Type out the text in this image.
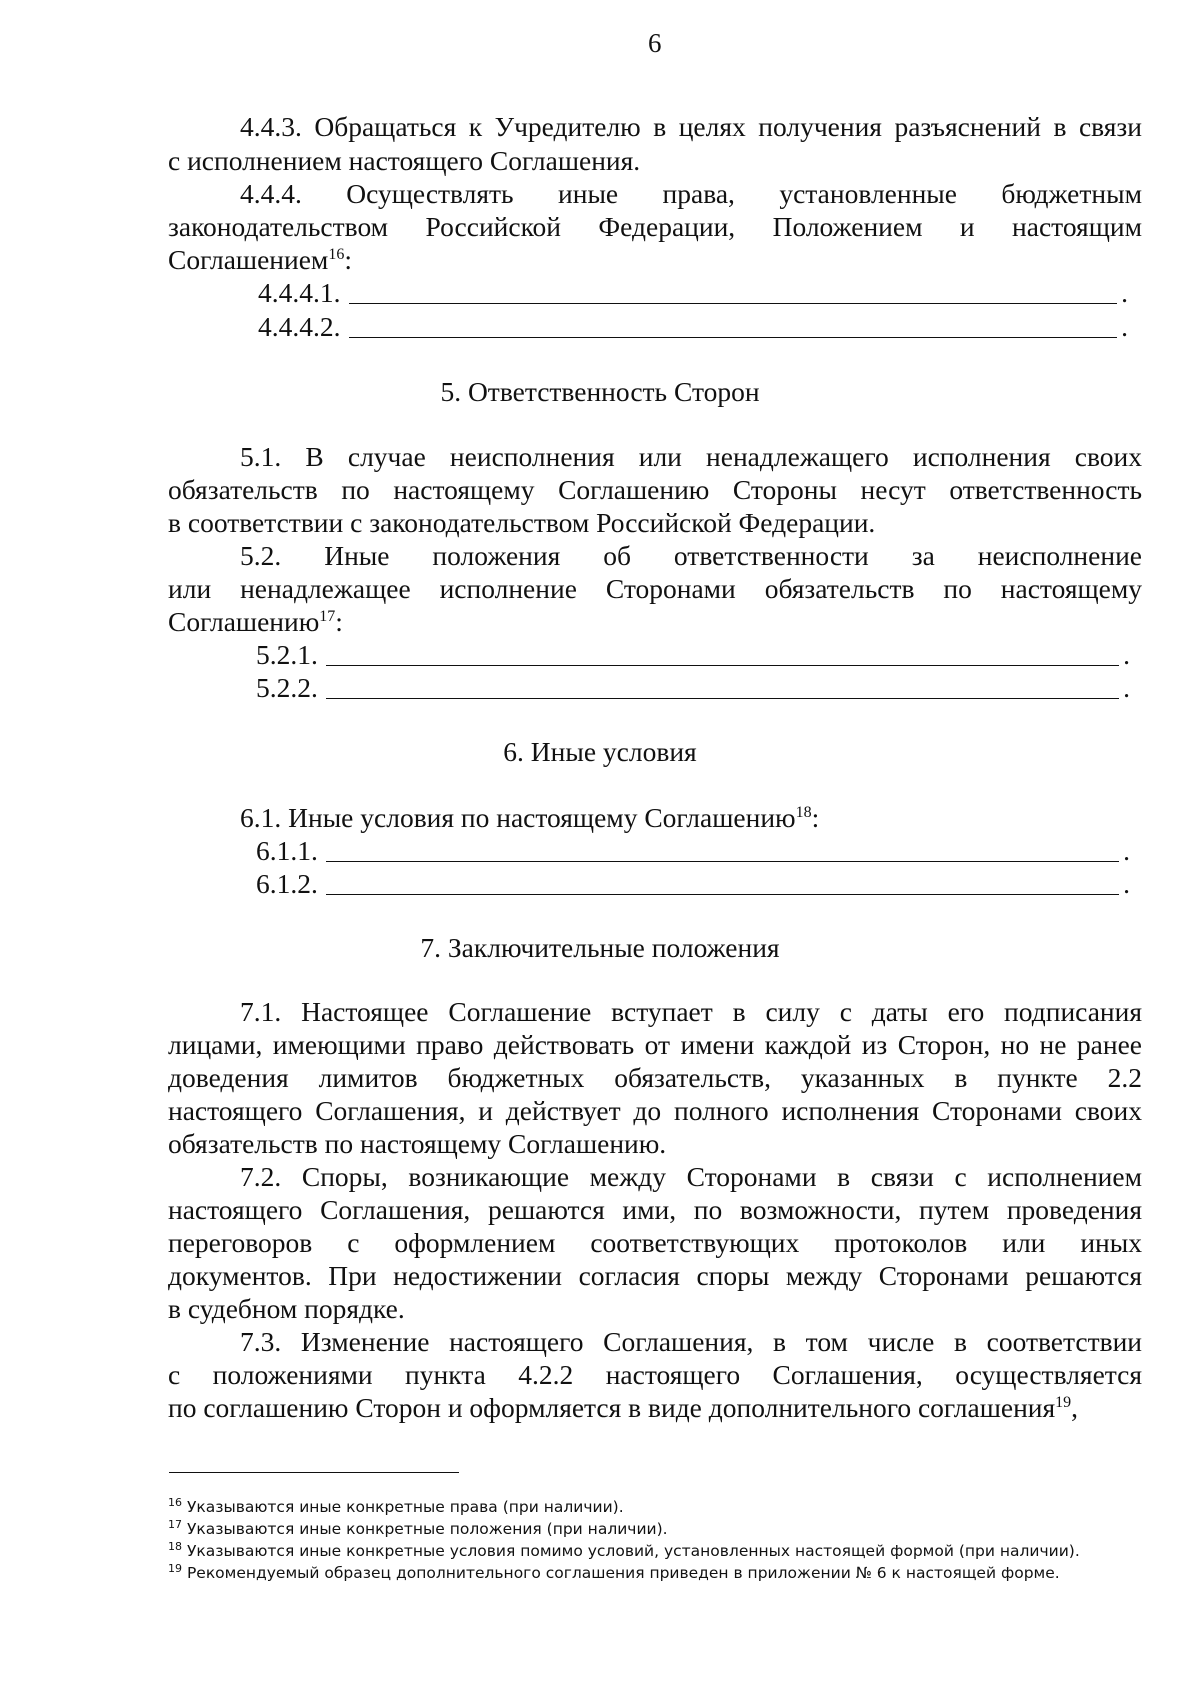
6
4.4.3. Обращаться к Учредителю в целях получения разъяснений в связи
с исполнением настоящего Соглашения.
4.4.4. Осуществлять иные права, установленные бюджетным
законодательством Российской Федерации, Положением и настоящим
Соглашением$^{16}$:
4.4.4.1.	.
4.4.4.2.	.
5. Ответственность Сторон
5.1. В случае неисполнения или ненадлежащего исполнения своих
обязательств по настоящему Соглашению Стороны несут ответственность
в соответствии с законодательством Российской Федерации.
5.2. Иные положения об ответственности за неисполнение
или ненадлежащее исполнение Сторонами обязательств по настоящему
Соглашению$^{17}$:
5.2.1.	.
5.2.2.	.
6. Иные условия
6.1. Иные условия по настоящему Соглашению$^{18}$:
6.1.1.	.
6.1.2.	.
7. Заключительные положения
7.1. Настоящее Соглашение вступает в силу с даты его подписания
лицами, имеющими право действовать от имени каждой из Сторон, но не ранее
доведения лимитов бюджетных обязательств, указанных в пункте 2.2
настоящего Соглашения, и действует до полного исполнения Сторонами своих
обязательств по настоящему Соглашению.
7.2. Споры, возникающие между Сторонами в связи с исполнением
настоящего Соглашения, решаются ими, по возможности, путем проведения
переговоров с оформлением соответствующих протоколов или иных
документов. При недостижении согласия споры между Сторонами решаются
в судебном порядке.
7.3. Изменение настоящего Соглашения, в том числе в соответствии
с положениями пункта 4.2.2 настоящего Соглашения, осуществляется
по соглашению Сторон и оформляется в виде дополнительного соглашения$^{19}$,
$^{16}$ Указываются иные конкретные права (при наличии).
$^{17}$ Указываются иные конкретные положения (при наличии).
$^{18}$ Указываются иные конкретные условия помимо условий, установленных настоящей формой (при наличии).
$^{19}$ Рекомендуемый образец дополнительного соглашения приведен в приложении № 6 к настоящей форме.
